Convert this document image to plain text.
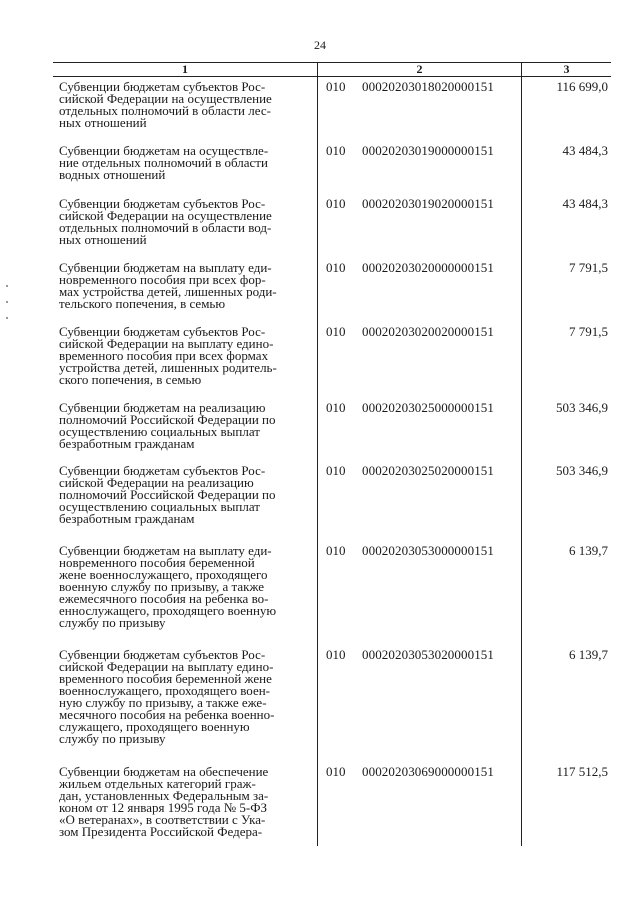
24
1	2	3
Субвенции бюджетам субъектов Рос-
сийской Федерации на осуществление
отдельных полномочий в области лес-
ных отношений
010	00020203018020000151	116 699,0
Субвенции бюджетам на осуществле-
ние отдельных полномочий в области
водных отношений
010	00020203019000000151	43 484,3
Субвенции бюджетам субъектов Рос-
сийской Федерации на осуществление
отдельных полномочий в области вод-
ных отношений
010	00020203019020000151	43 484,3
Субвенции бюджетам на выплату еди-
новременного пособия при всех фор-
мах устройства детей, лишенных роди-
тельского попечения, в семью
010	00020203020000000151	7 791,5
Субвенции бюджетам субъектов Рос-
сийской Федерации на выплату едино-
временного пособия при всех формах
устройства детей, лишенных родитель-
ского попечения, в семью
010	00020203020020000151	7 791,5
Субвенции бюджетам на реализацию
полномочий Российской Федерации по
осуществлению социальных выплат
безработным гражданам
010	00020203025000000151	503 346,9
Субвенции бюджетам субъектов Рос-
сийской Федерации на реализацию
полномочий Российской Федерации по
осуществлению социальных выплат
безработным гражданам
010	00020203025020000151	503 346,9
Субвенции бюджетам на выплату еди-
новременного пособия беременной
жене военнослужащего, проходящего
военную службу по призыву, а также
ежемесячного пособия на ребенка во-
еннослужащего, проходящего военную
службу по призыву
010	00020203053000000151	6 139,7
Субвенции бюджетам субъектов Рос-
сийской Федерации на выплату едино-
временного пособия беременной жене
военнослужащего, проходящего воен-
ную службу по призыву, а также еже-
месячного пособия на ребенка военно-
служащего, проходящего военную
службу по призыву
010	00020203053020000151	6 139,7
Субвенции бюджетам на обеспечение
жильем отдельных категорий граж-
дан, установленных Федеральным за-
коном от 12 января 1995 года № 5-ФЗ
«О ветеранах», в соответствии с Ука-
зом Президента Российской Федера-
010	00020203069000000151	117 512,5
